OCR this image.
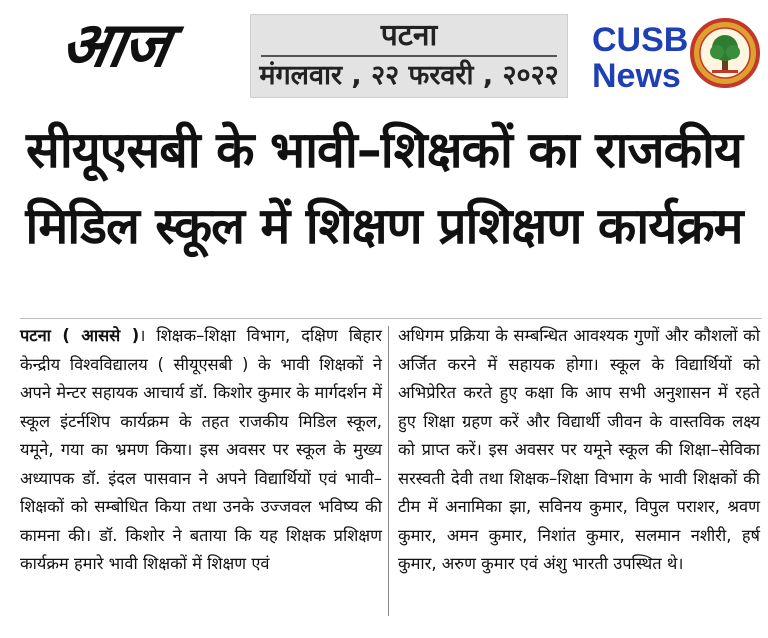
आज	पटना
मंगलवार , २२ फरवरी , २०२२
CUSB
News
सीयूएसबी के भावी–शिक्षकों का राजकीय
मिडिल स्कूल में शिक्षण प्रशिक्षण कार्यक्रम
पटना ( आससे )। शिक्षक–शिक्षा विभाग, दक्षिण बिहार केन्द्रीय विश्वविद्यालय ( सीयूएसबी ) के भावी शिक्षकों ने अपने मेन्टर सहायक आचार्य डॉ. किशोर कुमार के मार्गदर्शन में स्कूल इंटर्नशिप कार्यक्रम के तहत राजकीय मिडिल स्कूल, यमूने, गया का भ्रमण किया। इस अवसर पर स्कूल के मुख्य अध्यापक डॉ. इंदल पासवान ने अपने विद्यार्थियों एवं भावी–शिक्षकों को सम्बोधित किया तथा उनके उज्जवल भविष्य की कामना की। डॉ. किशोर ने बताया कि यह शिक्षक प्रशिक्षण कार्यक्रम हमारे भावी शिक्षकों में शिक्षण एवं
अधिगम प्रक्रिया के सम्बन्धित आवश्यक गुणों और कौशलों को अर्जित करने में सहायक होगा। स्कूल के विद्यार्थियों को अभिप्रेरित करते हुए कक्षा कि आप सभी अनुशासन में रहते हुए शिक्षा ग्रहण करें और विद्यार्थी जीवन के वास्तविक लक्ष्य को प्राप्त करें। इस अवसर पर यमूने स्कूल की शिक्षा–सेविका सरस्वती देवी तथा शिक्षक–शिक्षा विभाग के भावी शिक्षकों की टीम में अनामिका झा, सविनय कुमार, विपुल पराशर, श्रवण कुमार, अमन कुमार, निशांत कुमार, सलमान नशीरी, हर्ष कुमार, अरुण कुमार एवं अंशु भारती उपस्थित थे।
